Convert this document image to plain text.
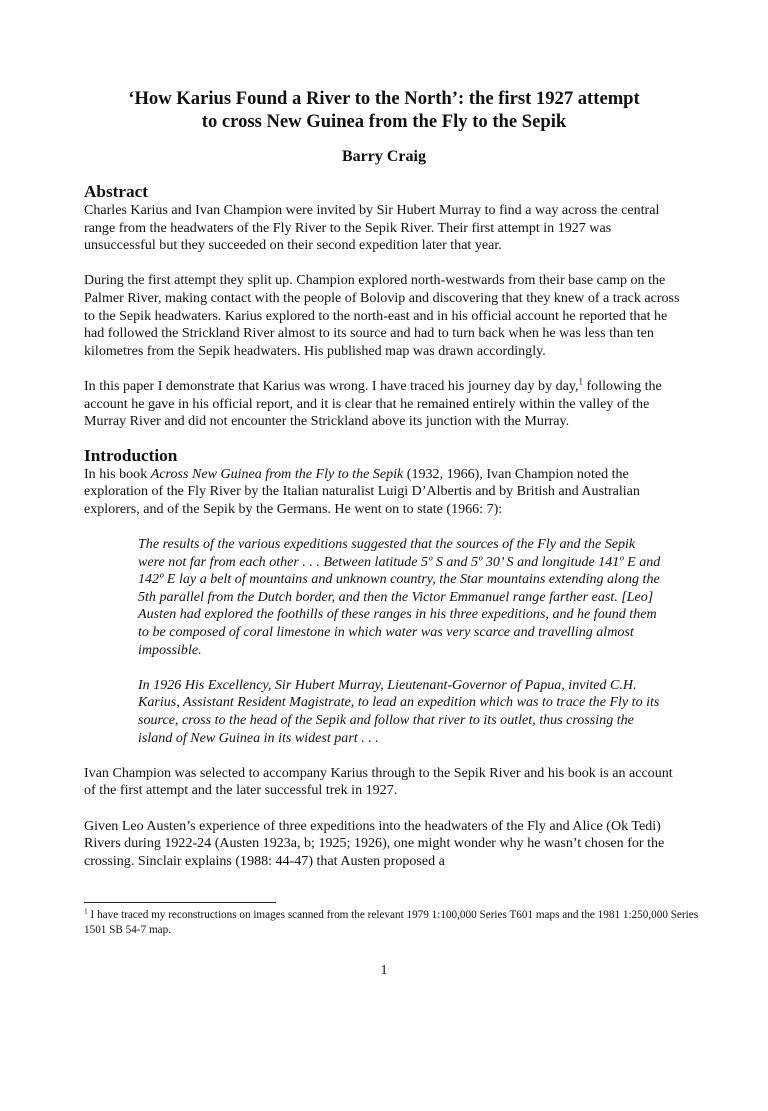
‘How Karius Found a River to the North’: the first 1927 attempt
to cross New Guinea from the Fly to the Sepik
Barry Craig
Abstract

Charles Karius and Ivan Champion were invited by Sir Hubert Murray to find a way across the central range from the headwaters of the Fly River to the Sepik River. Their first attempt in 1927 was unsuccessful but they succeeded on their second expedition later that year.

During the first attempt they split up. Champion explored north-westwards from their base camp on the Palmer River, making contact with the people of Bolovip and discovering that they knew of a track across to the Sepik headwaters. Karius explored to the north-east and in his official account he reported that he had followed the Strickland River almost to its source and had to turn back when he was less than ten kilometres from the Sepik headwaters. His published map was drawn accordingly.

In this paper I demonstrate that Karius was wrong. I have traced his journey day by day,$^1$ following the account he gave in his official report, and it is clear that he remained entirely within the valley of the Murray River and did not encounter the Strickland above its junction with the Murray.

Introduction

In his book Across New Guinea from the Fly to the Sepik (1932, 1966), Ivan Champion noted the exploration of the Fly River by the Italian naturalist Luigi D’Albertis and by British and Australian explorers, and of the Sepik by the Germans. He went on to state (1966: 7):

The results of the various expeditions suggested that the sources of the Fly and the Sepik were not far from each other . . . Between latitude 5º S and 5º 30’ S and longitude 141º E and 142º E lay a belt of mountains and unknown country, the Star mountains extending along the 5th parallel from the Dutch border, and then the Victor Emmanuel range farther east. [Leo] Austen had explored the foothills of these ranges in his three expeditions, and he found them to be composed of coral limestone in which water was very scarce and travelling almost impossible.

In 1926 His Excellency, Sir Hubert Murray, Lieutenant-Governor of Papua, invited C.H. Karius, Assistant Resident Magistrate, to lead an expedition which was to trace the Fly to its source, cross to the head of the Sepik and follow that river to its outlet, thus crossing the island of New Guinea in its widest part . . .

Ivan Champion was selected to accompany Karius through to the Sepik River and his book is an account of the first attempt and the later successful trek in 1927.

Given Leo Austen’s experience of three expeditions into the headwaters of the Fly and Alice (Ok Tedi) Rivers during 1922-24 (Austen 1923a, b; 1925; 1926), one might wonder why he wasn’t chosen for the crossing. Sinclair explains (1988: 44-47) that Austen proposed a

$^1$ I have traced my reconstructions on images scanned from the relevant 1979 1:100,000 Series T601 maps and the 1981 1:250,000 Series 1501 SB 54-7 map.
1
